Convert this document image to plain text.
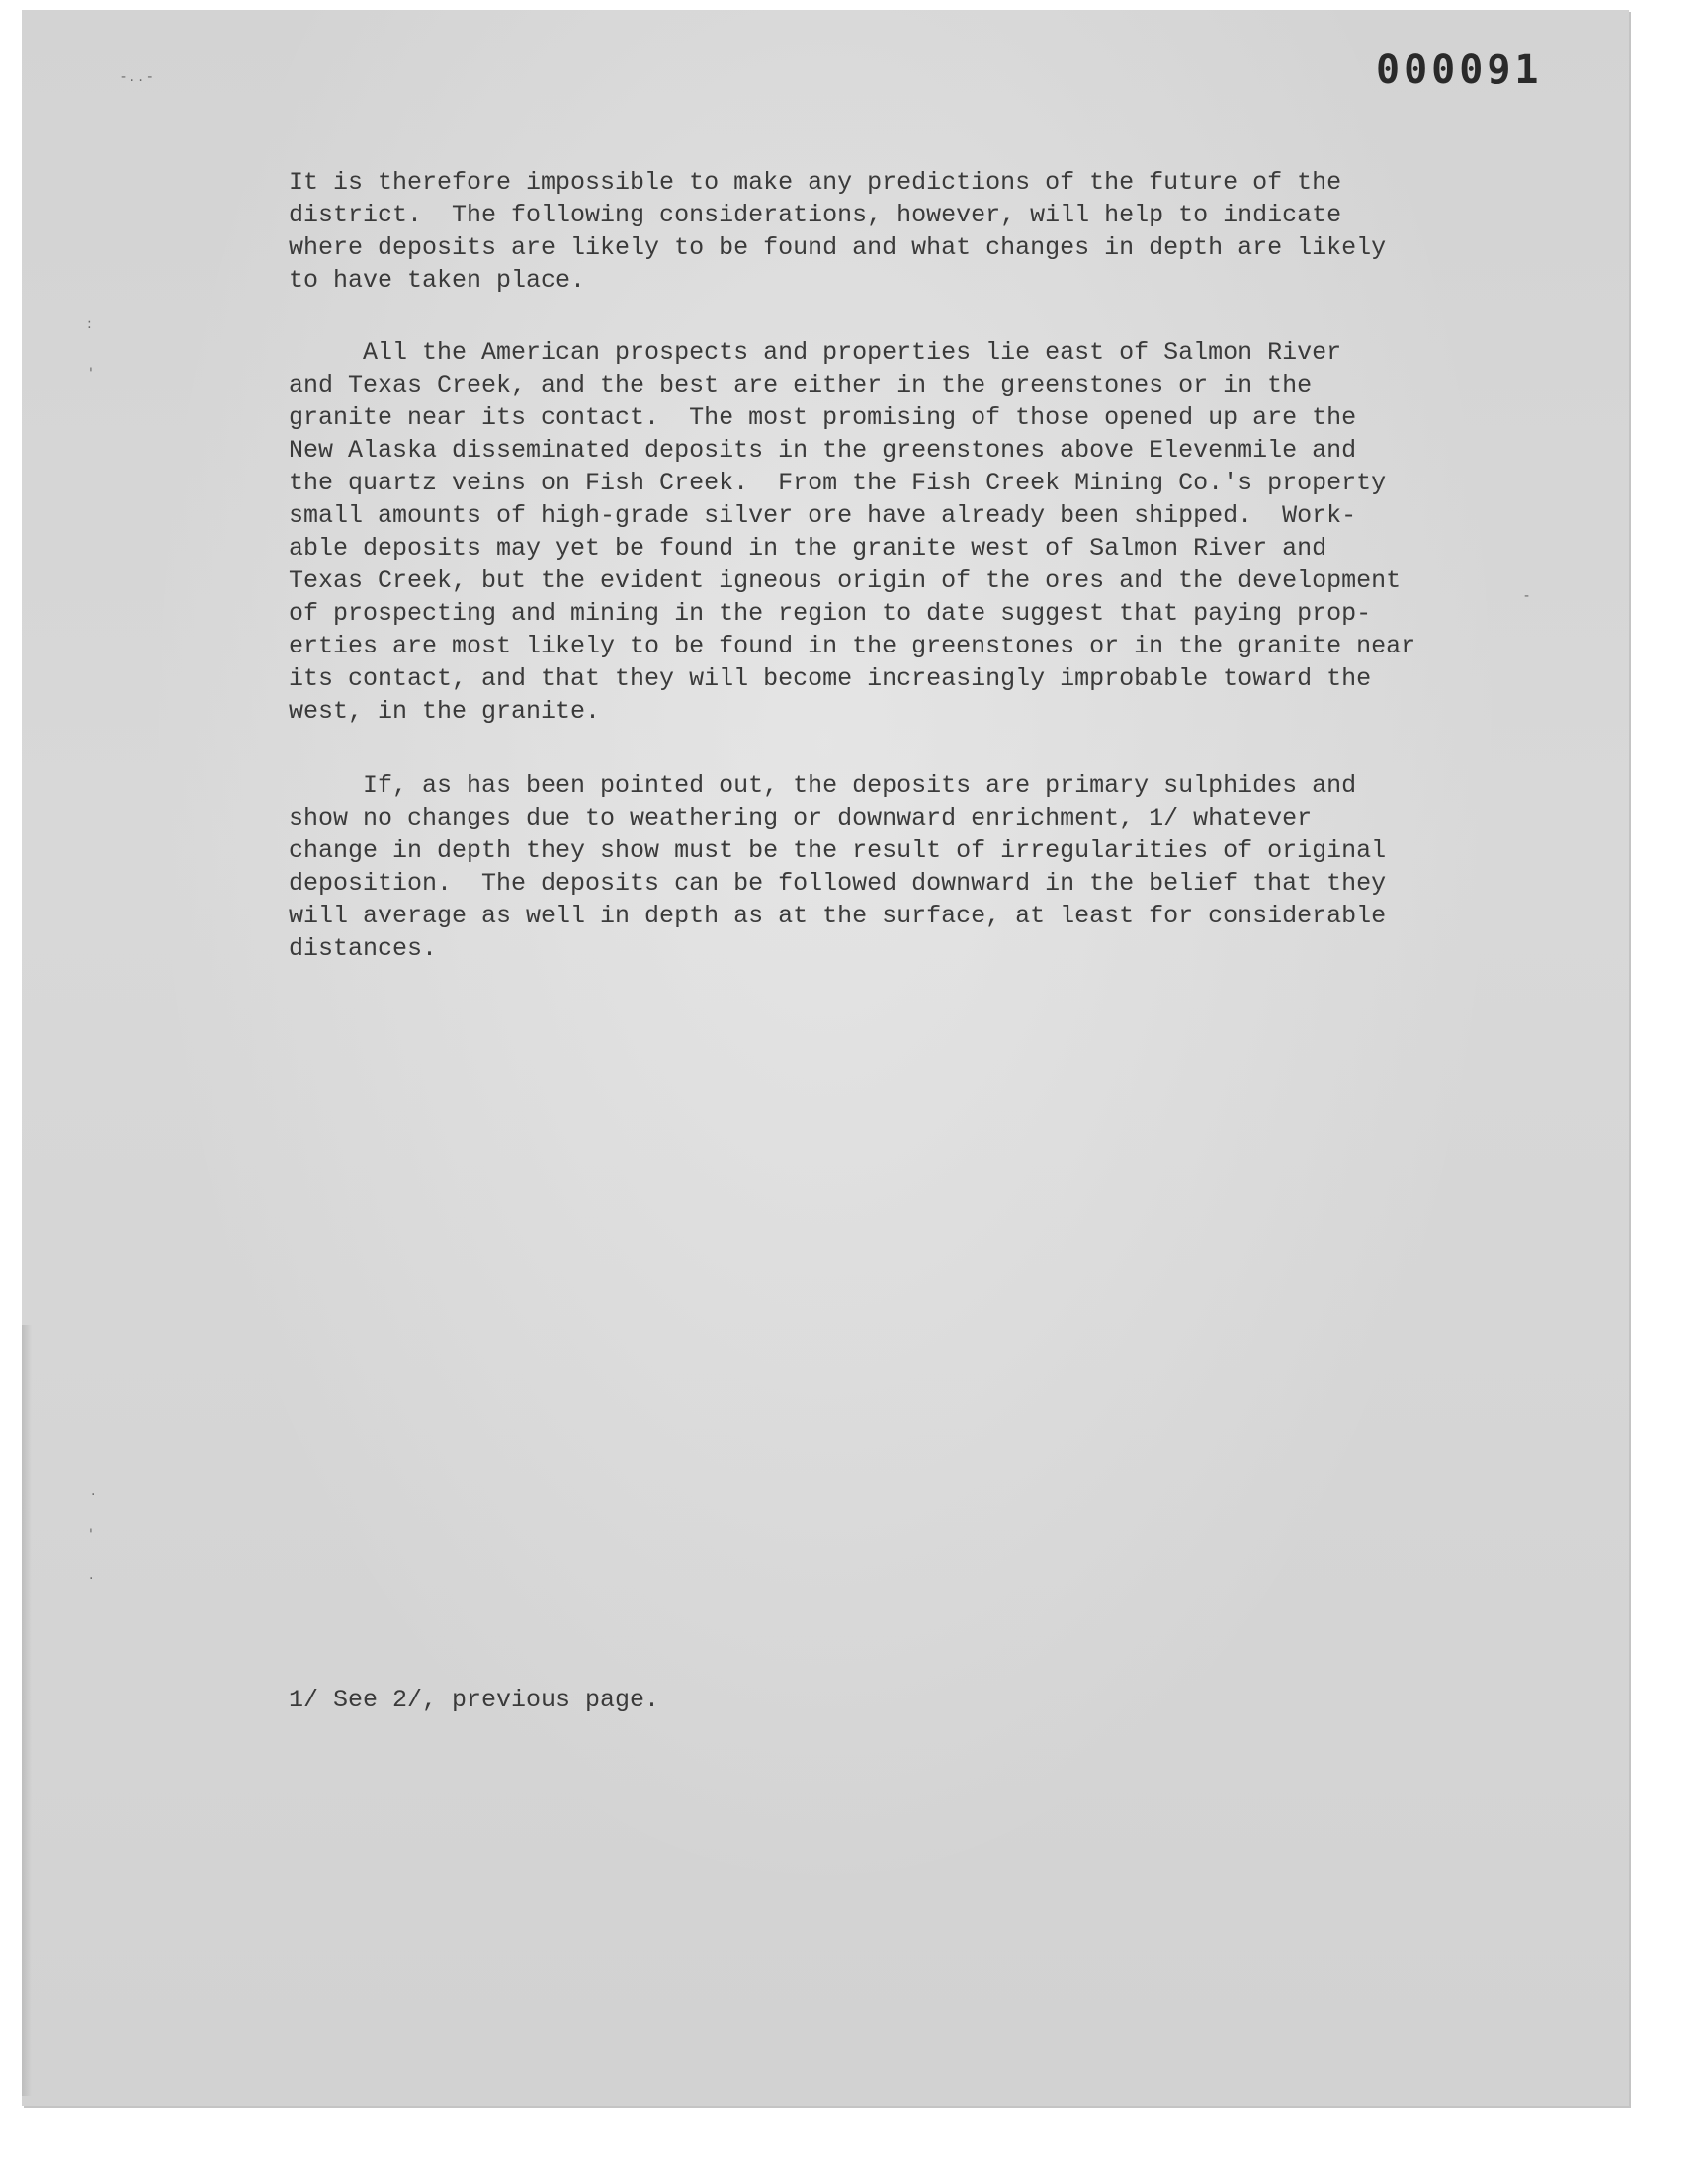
000091
- . . -
:
'
.
'
.
-
It is therefore impossible to make any predictions of the future of the
district.  The following considerations, however, will help to indicate
where deposits are likely to be found and what changes in depth are likely
to have taken place.
All the American prospects and properties lie east of Salmon River
and Texas Creek, and the best are either in the greenstones or in the
granite near its contact.  The most promising of those opened up are the
New Alaska disseminated deposits in the greenstones above Elevenmile and
the quartz veins on Fish Creek.  From the Fish Creek Mining Co.'s property
small amounts of high-grade silver ore have already been shipped.  Work-
able deposits may yet be found in the granite west of Salmon River and
Texas Creek, but the evident igneous origin of the ores and the development
of prospecting and mining in the region to date suggest that paying prop-
erties are most likely to be found in the greenstones or in the granite near
its contact, and that they will become increasingly improbable toward the
west, in the granite.
If, as has been pointed out, the deposits are primary sulphides and
show no changes due to weathering or downward enrichment, 1/ whatever
change in depth they show must be the result of irregularities of original
deposition.  The deposits can be followed downward in the belief that they
will average as well in depth as at the surface, at least for considerable
distances.
1/ See 2/, previous page.
